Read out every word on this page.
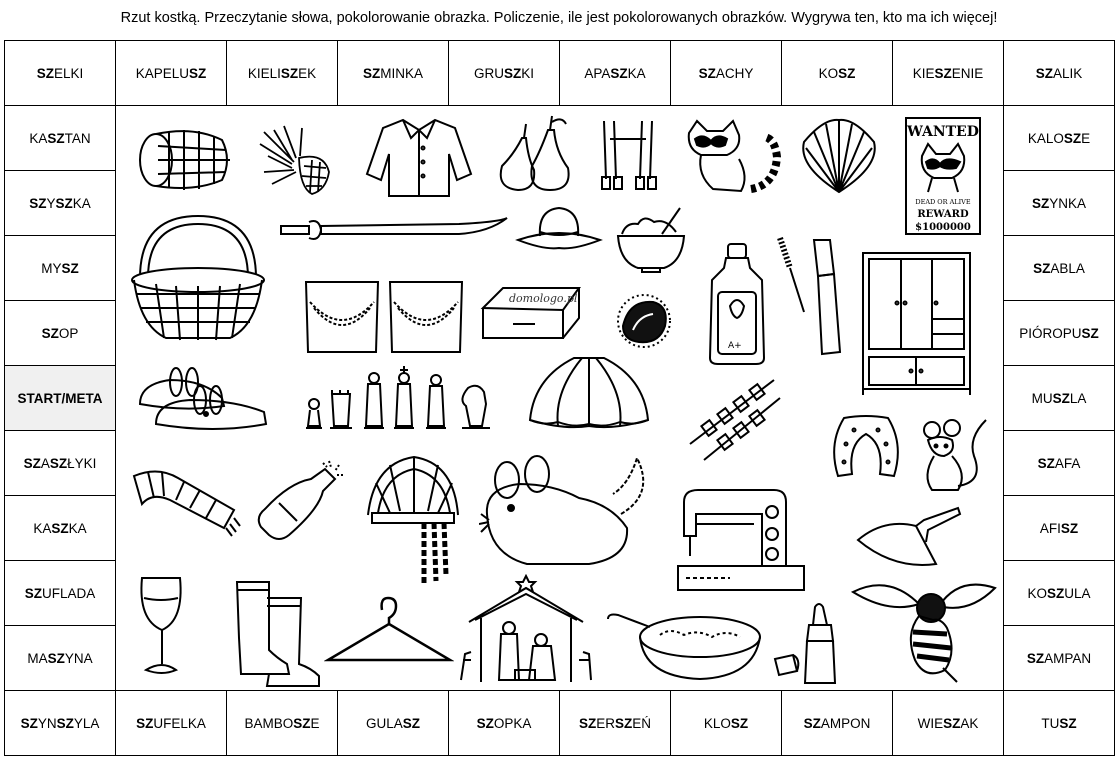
Rzut kostką. Przeczytanie słowa, pokolorowanie obrazka. Policzenie, ile jest pokolorowanych obrazków. Wygrywa ten, kto ma ich więcej!
WANTED
DEAD OR ALIVE
REWARD
$1000000
A+
domologo.pl
SZ ELKI	KAPELU SZ	KIELI SZ EK	SZ MINKA	GRU SZ KI	APA SZ KA	SZ ACHY	KO SZ	KIE SZ ENIE	SZ ALIK
SZ YN SZ YLA	SZ UFELKA	BAMBO SZ E	GULA SZ	SZ OPKA	SZ ER SZ EŃ	KLO SZ	SZ AMPON	WIE SZ AK	TU SZ
KA SZ TAN
SZ Y SZ KA
MY SZ
SZ OP
START/META
SZ A SZ ŁYKI
KA SZ KA
SZ UFLADA
MA SZ YNA
KALO SZ E
SZ YNKA
SZ ABLA
PIÓROPU SZ
MU SZ LA
SZ AFA
AFI SZ
KO SZ ULA
SZ AMPAN
